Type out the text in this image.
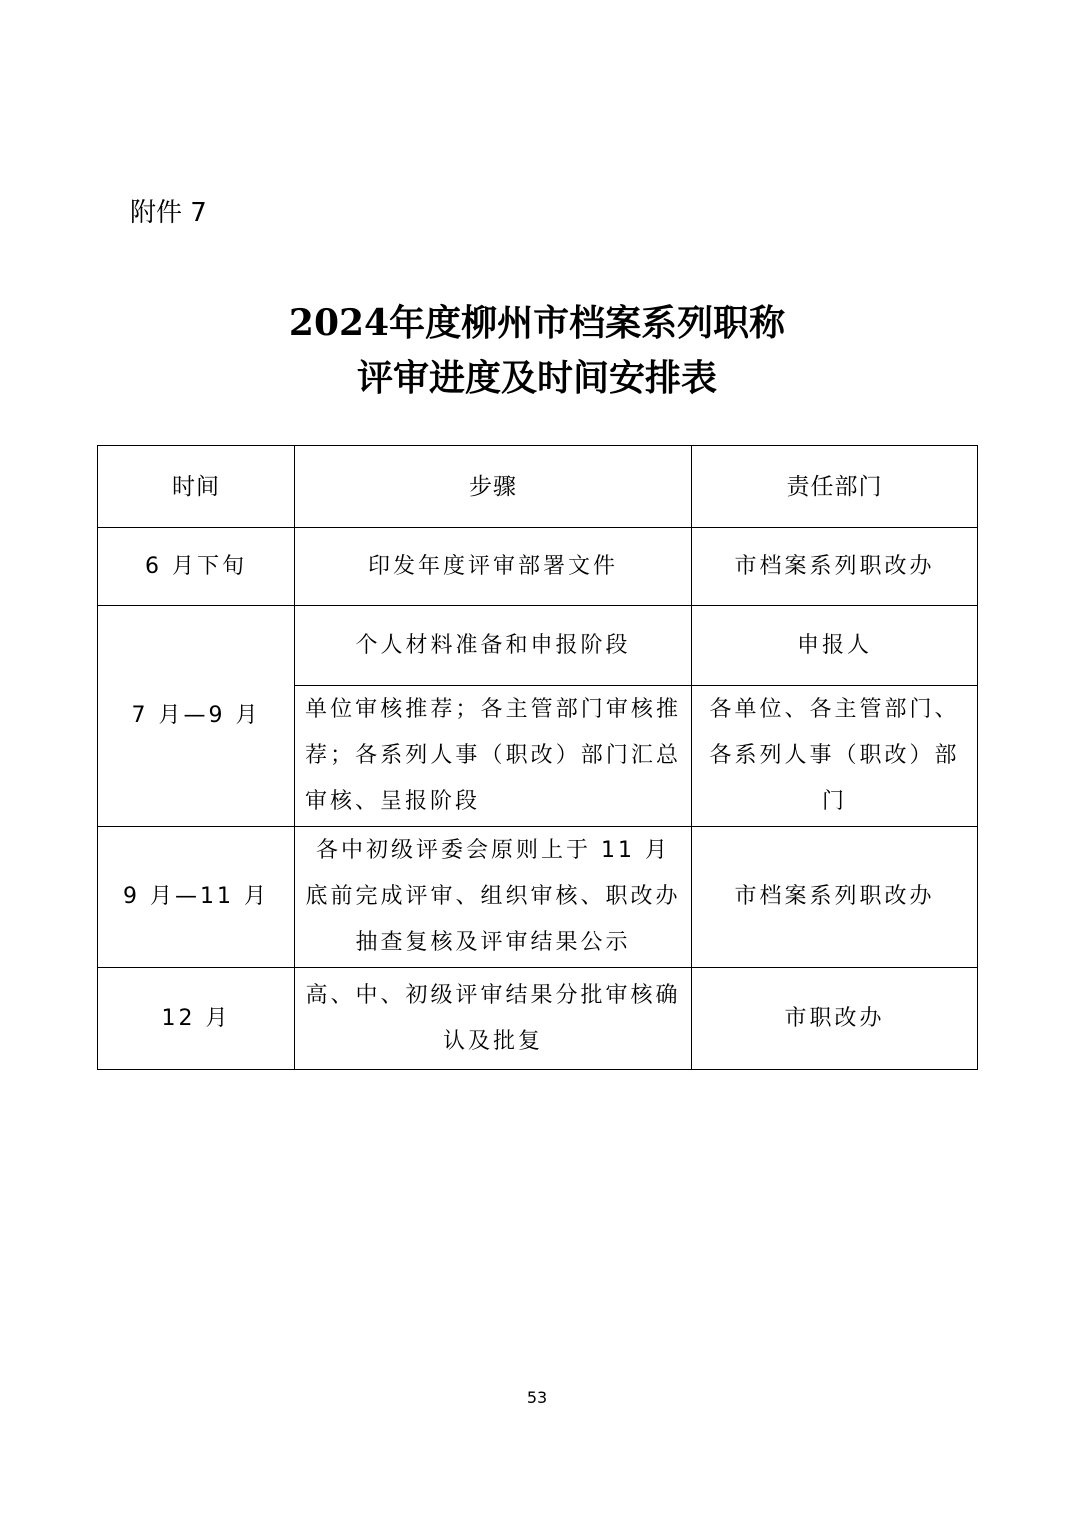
附件 7
2024年度柳州市档案系列职称
评审进度及时间安排表
时间	步骤	责任部门
6 月下旬	印发年度评审部署文件	市档案系列职改办
7 月—9 月	个人材料准备和申报阶段	申报人
	单位审核推荐；各主管部门审核推荐；各系列人事（职改）部门汇总审核、呈报阶段	各单位、各主管部门、各系列人事（职改）部门
9 月—11 月	各中初级评委会原则上于 11 月底前完成评审、组织审核、职改办抽查复核及评审结果公示	市档案系列职改办
12 月	高、中、初级评审结果分批审核确认及批复	市职改办
53
